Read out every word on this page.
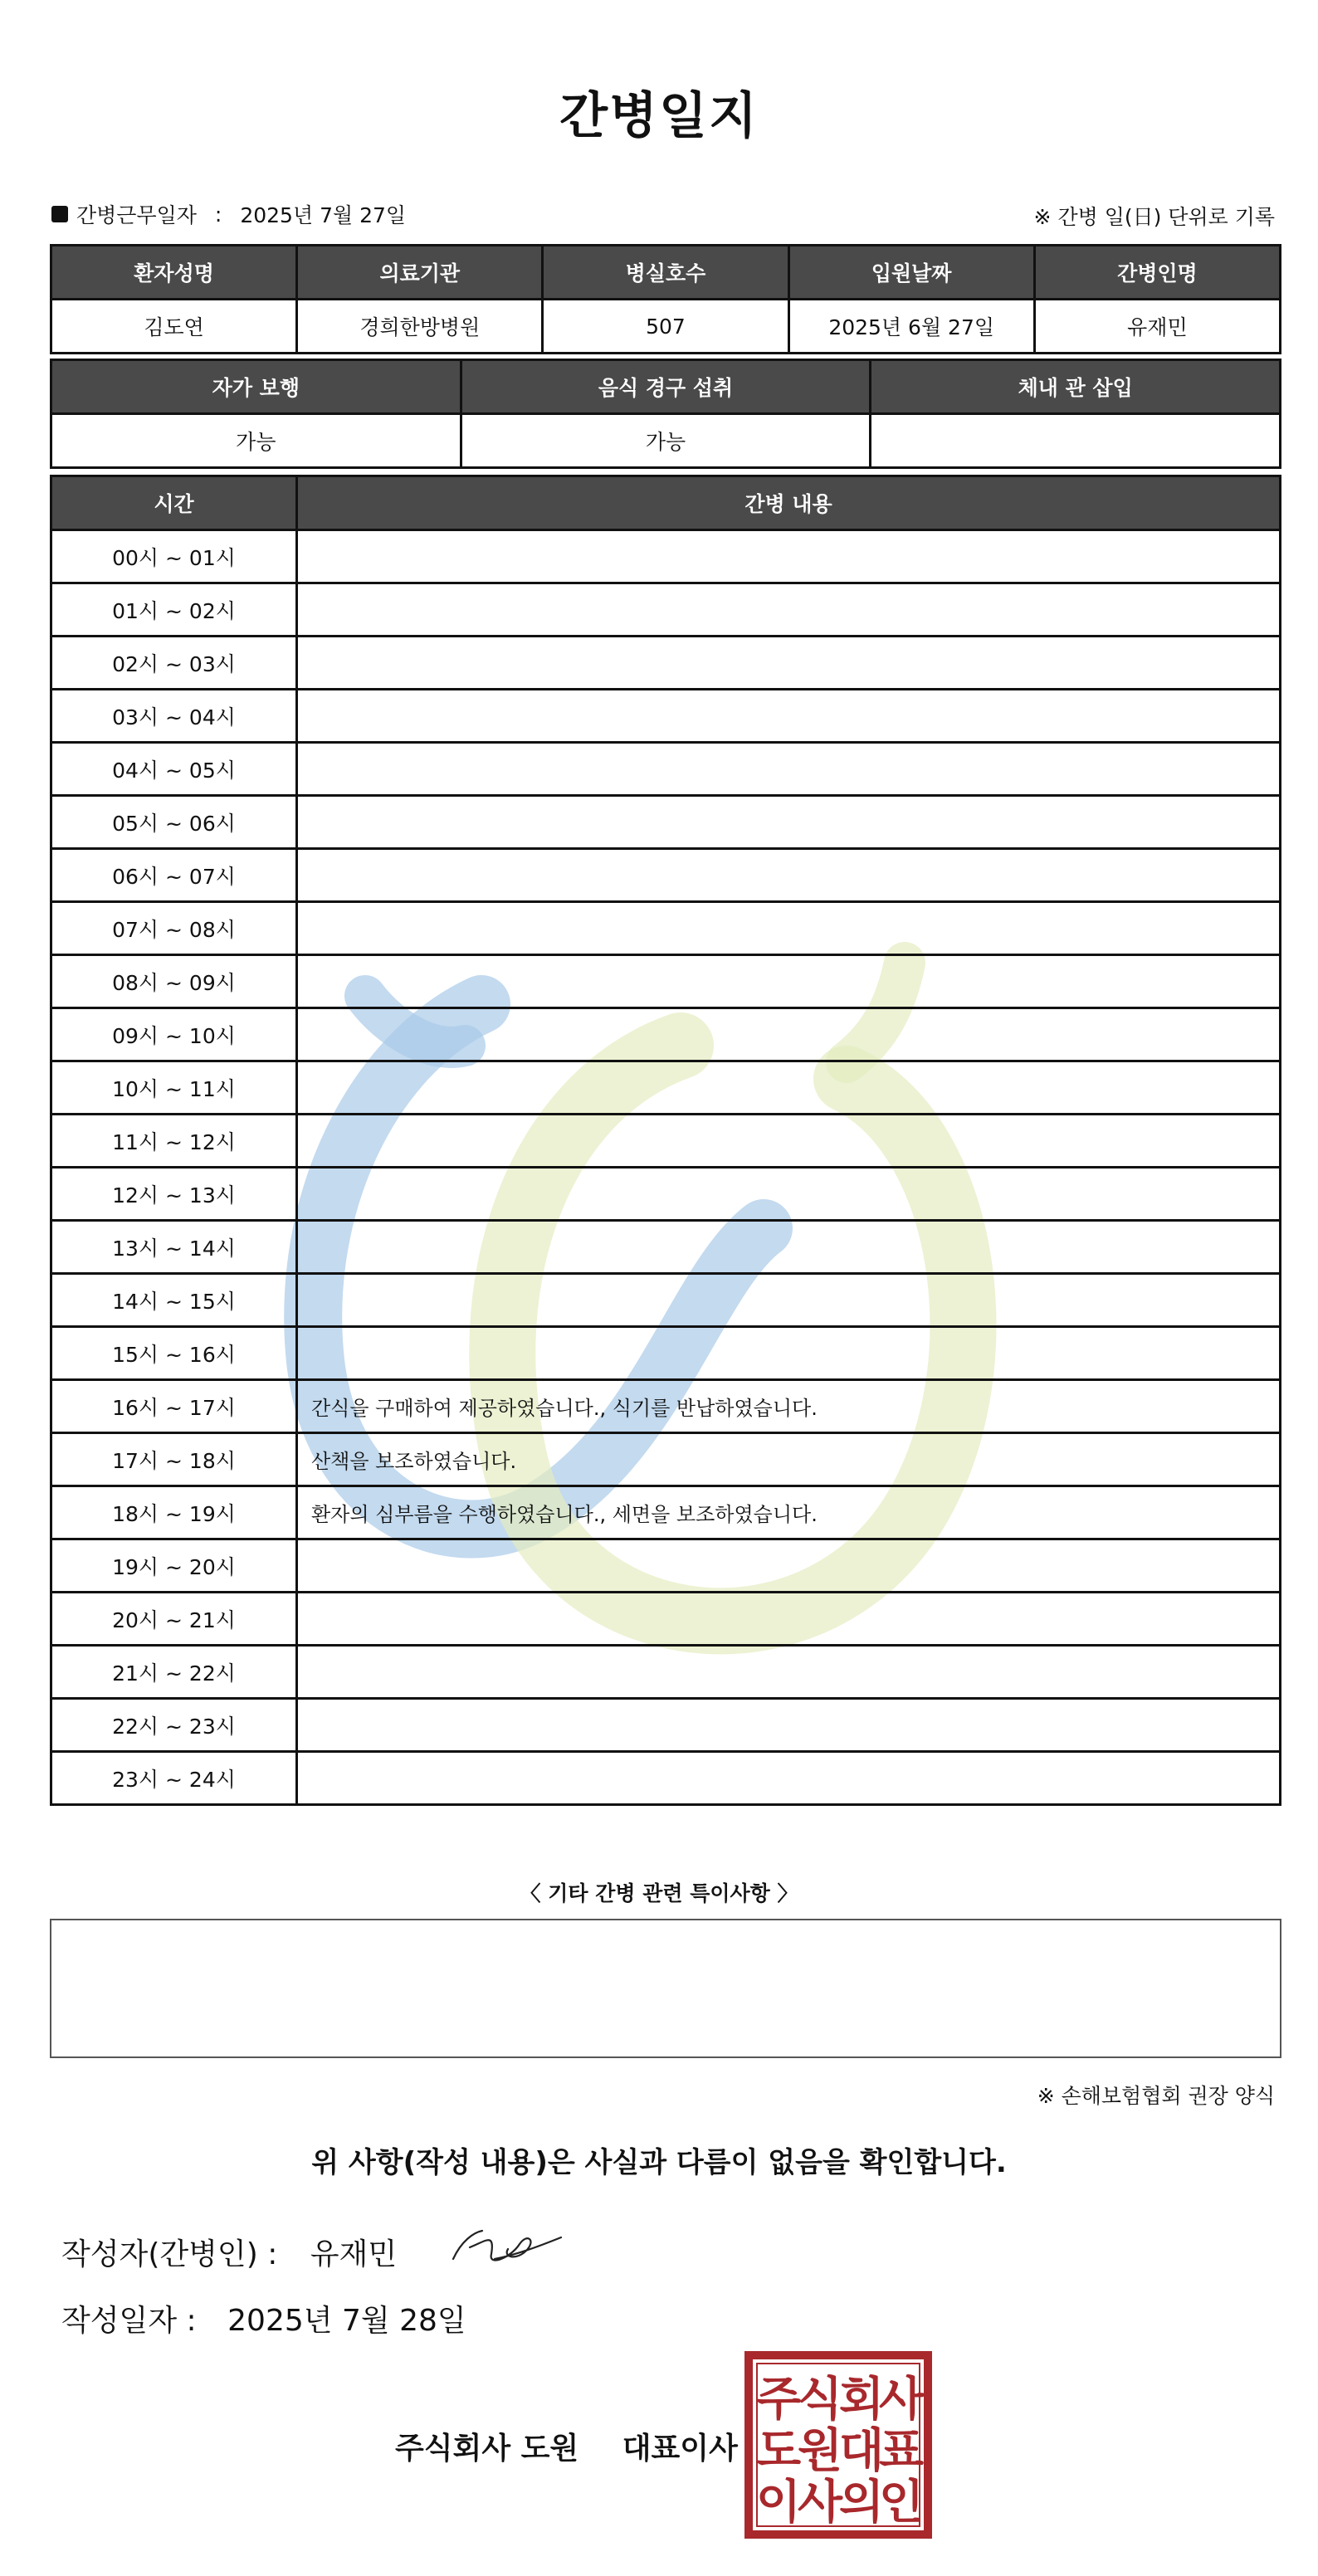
간병일지
간병근무일자 : 2025년 7월 27일	※ 간병 일(日) 단위로 기록
환자성명	의료기관	병실호수	입원날짜	간병인명
김도연	경희한방병원	507	2025년 6월 27일	유재민
자가 보행	음식 경구 섭취	체내 관 삽입
가능	가능	
시간	간병 내용
00시 ~ 01시	
01시 ~ 02시	
02시 ~ 03시	
03시 ~ 04시	
04시 ~ 05시	
05시 ~ 06시	
06시 ~ 07시	
07시 ~ 08시	
08시 ~ 09시	
09시 ~ 10시	
10시 ~ 11시	
11시 ~ 12시	
12시 ~ 13시	
13시 ~ 14시	
14시 ~ 15시	
15시 ~ 16시	
16시 ~ 17시	간식을 구매하여 제공하였습니다., 식기를 반납하였습니다.
17시 ~ 18시	산책을 보조하였습니다.
18시 ~ 19시	환자의 심부름을 수행하였습니다., 세면을 보조하였습니다.
19시 ~ 20시	
20시 ~ 21시	
21시 ~ 22시	
22시 ~ 23시	
23시 ~ 24시	
〈 기타 간병 관련 특이사항 〉
※ 손해보험협회 권장 양식
위 사항(작성 내용)은 사실과 다름이 없음을 확인합니다.
작성자(간병인) : 유재민
작성일자 : 2025년 7월 28일
주식회사 도원 대표이사
주
식
회
사
도
원
대
표
이
사
의
인
